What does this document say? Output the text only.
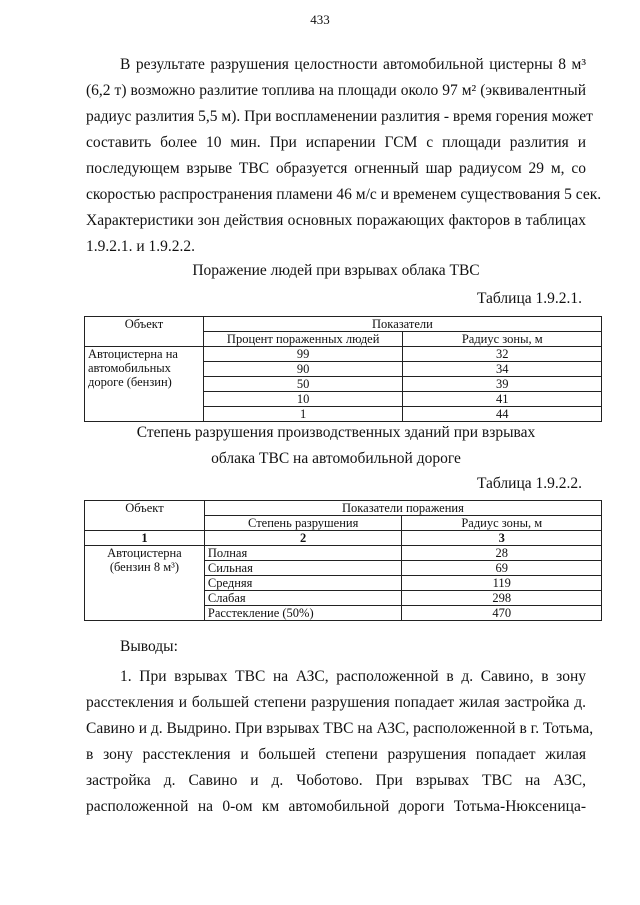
433
В результате разрушения целостности автомобильной цистерны 8 м³
(6,2 т) возможно разлитие топлива на площади около 97 м² (эквивалентный
радиус разлития 5,5 м). При воспламенении разлития - время горения может
составить более 10 мин. При испарении ГСМ с площади разлития и
последующем взрыве ТВС образуется огненный шар радиусом 29 м, со
скоростью распространения пламени 46 м/с и временем существования 5 сек.
Характеристики зон действия основных поражающих факторов в таблицах
1.9.2.1. и 1.9.2.2.
Поражение людей при взрывах облака ТВС
Таблица 1.9.2.1.
Объект	Показатели	
	Процент пораженных людей	Радиус зоны, м

Автоцистерна на
автомобильных
дороге (бензин)	99	32
	90	34
	50	39
	10	41
	1	44
Степень разрушения производственных зданий при взрывах
облака ТВС на автомобильной дороге
Таблица 1.9.2.2.
Объект	Показатели поражения	
	Степень разрушения	Радиус зоны, м
1	2	3

Автоцистерна
(бензин 8 м³)	Полная	28
	Сильная	69
	Средняя	119
	Слабая	298
	Расстекление (50%)	470
Выводы:
1. При взрывах ТВС на АЗС, расположенной в д. Савино, в зону
расстекления и большей степени разрушения попадает жилая застройка д.
Савино и д. Выдрино. При взрывах ТВС на АЗС, расположенной в г. Тотьма,
в зону расстекления и большей степени разрушения попадает жилая
застройка д. Савино и д. Чоботово. При взрывах ТВС на АЗС,
расположенной на 0-ом км автомобильной дороги Тотьма-Нюксеница-
